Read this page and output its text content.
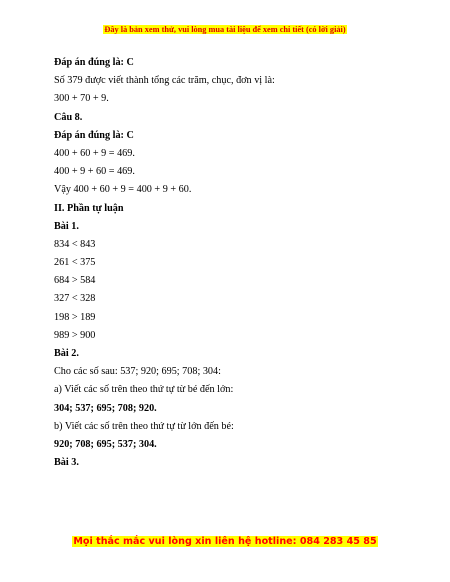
Đây là bản xem thử, vui lòng mua tài liệu để xem chi tiết (có lời giải)
Đáp án đúng là: C
Số 379 được viết thành tổng các trăm, chục, đơn vị là:
300 + 70 + 9.
Câu 8.
Đáp án đúng là: C
400 + 60 + 9 = 469.
400 + 9 + 60 = 469.
Vậy 400 + 60 + 9 = 400 + 9 + 60.
II. Phần tự luận
Bài 1.
834 < 843
261 < 375
684 > 584
327 < 328
198 > 189
989 > 900
Bài 2.
Cho các số sau: 537; 920; 695; 708; 304:
a) Viết các số trên theo thứ tự từ bé đến lớn:
304; 537; 695; 708; 920.
b) Viết các số trên theo thứ tự từ lớn đến bé:
920; 708; 695; 537; 304.
Bài 3.
Mọi thắc mắc vui lòng xin liên hệ hotline: 084 283 45 85
